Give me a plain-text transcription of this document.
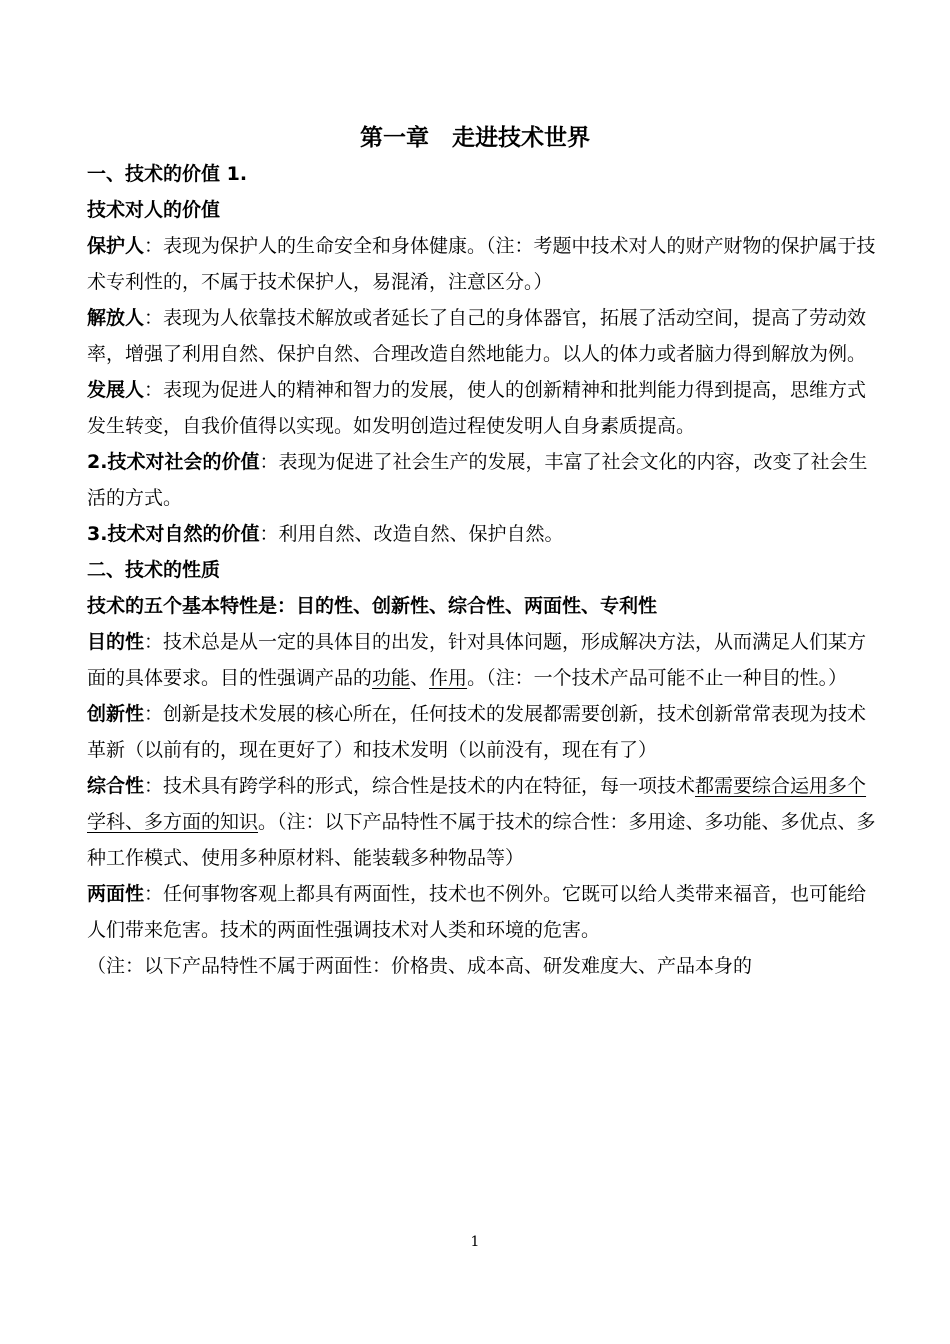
第一章　走进技术世界

一、技术的价值 1.

技术对人的价值

保护人：表现为保护人的生命安全和身体健康。（注：考题中技术对人的财产财物的保护属于技术专利性的，不属于技术保护人，易混淆，注意区分。）

解放人：表现为人依靠技术解放或者延长了自己的身体器官，拓展了活动空间，提高了劳动效率，增强了利用自然、保护自然、合理改造自然地能力。以人的体力或者脑力得到解放为例。

发展人：表现为促进人的精神和智力的发展，使人的创新精神和批判能力得到提高，思维方式发生转变，自我价值得以实现。如发明创造过程使发明人自身素质提高。

2.技术对社会的价值：表现为促进了社会生产的发展，丰富了社会文化的内容，改变了社会生活的方式。

3.技术对自然的价值：利用自然、改造自然、保护自然。

二、技术的性质

技术的五个基本特性是：目的性、创新性、综合性、两面性、专利性

目的性：技术总是从一定的具体目的出发，针对具体问题，形成解决方法，从而满足人们某方面的具体要求。目的性强调产品的功能、作用。（注：一个技术产品可能不止一种目的性。）

创新性：创新是技术发展的核心所在，任何技术的发展都需要创新，技术创新常常表现为技术革新（以前有的，现在更好了）和技术发明（以前没有，现在有了）

综合性：技术具有跨学科的形式，综合性是技术的内在特征，每一项技术都需要综合运用多个学科、多方面的知识。（注：以下产品特性不属于技术的综合性：多用途、多功能、多优点、多种工作模式、使用多种原材料、能装载多种物品等）

两面性：任何事物客观上都具有两面性，技术也不例外。它既可以给人类带来福音，也可能给人们带来危害。技术的两面性强调技术对人类和环境的危害。

（注：以下产品特性不属于两面性：价格贵、成本高、研发难度大、产品本身的

1
